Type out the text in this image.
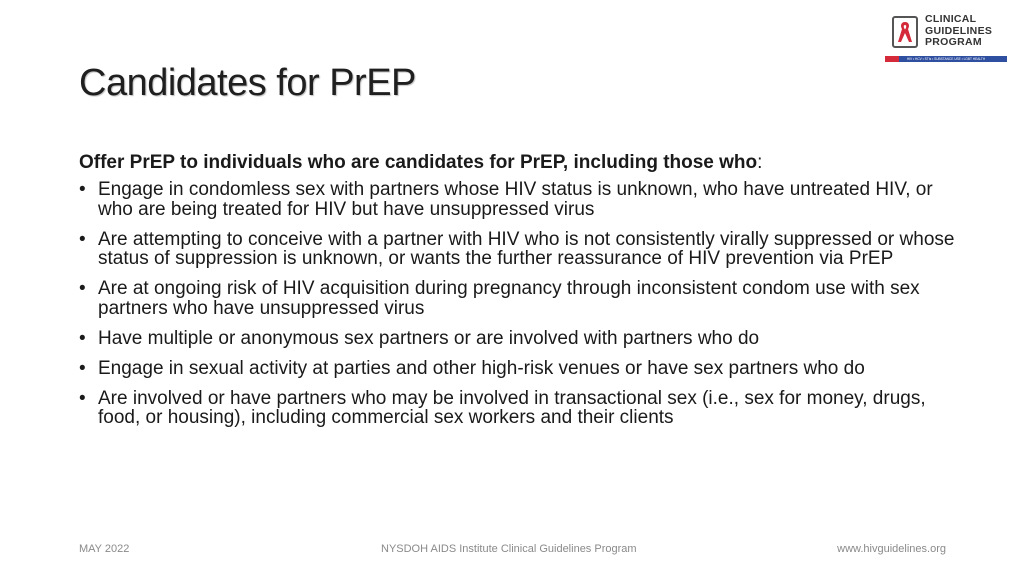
CLINICAL
GUIDELINES
PROGRAM
HIV • HCV • STIs • SUBSTANCE USE • LGBT HEALTH
Candidates for PrEP

Offer PrEP to individuals who are candidates for PrEP, including those who:

• Engage in condomless sex with partners whose HIV status is unknown, who have untreated HIV, or who are being treated for HIV but have unsuppressed virus
• Are attempting to conceive with a partner with HIV who is not consistently virally suppressed or whose status of suppression is unknown, or wants the further reassurance of HIV prevention via PrEP
• Are at ongoing risk of HIV acquisition during pregnancy through inconsistent condom use with sex partners who have unsuppressed virus
• Have multiple or anonymous sex partners or are involved with partners who do
• Engage in sexual activity at parties and other high-risk venues or have sex partners who do
• Are involved or have partners who may be involved in transactional sex (i.e., sex for money, drugs, food, or housing), including commercial sex workers and their clients
MAY 2022	NYSDOH AIDS Institute Clinical Guidelines Program	www.hivguidelines.org
